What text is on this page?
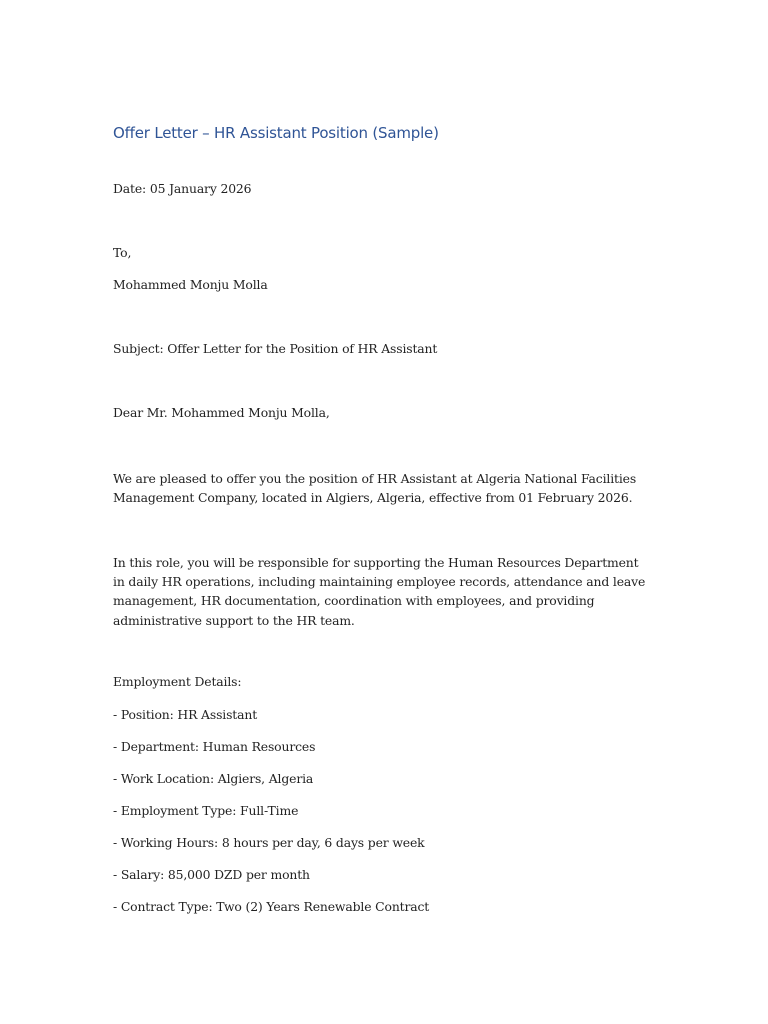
Offer Letter – HR Assistant Position (Sample)
Date: 05 January 2026
To,
Mohammed Monju Molla
Subject: Offer Letter for the Position of HR Assistant
Dear Mr. Mohammed Monju Molla,
We are pleased to offer you the position of HR Assistant at Algeria National Facilities Management Company, located in Algiers, Algeria, effective from 01 February 2026.
In this role, you will be responsible for supporting the Human Resources Department in daily HR operations, including maintaining employee records, attendance and leave management, HR documentation, coordination with employees, and providing administrative support to the HR team.
Employment Details:
- Position: HR Assistant
- Department: Human Resources
- Work Location: Algiers, Algeria
- Employment Type: Full-Time
- Working Hours: 8 hours per day, 6 days per week
- Salary: 85,000 DZD per month
- Contract Type: Two (2) Years Renewable Contract
